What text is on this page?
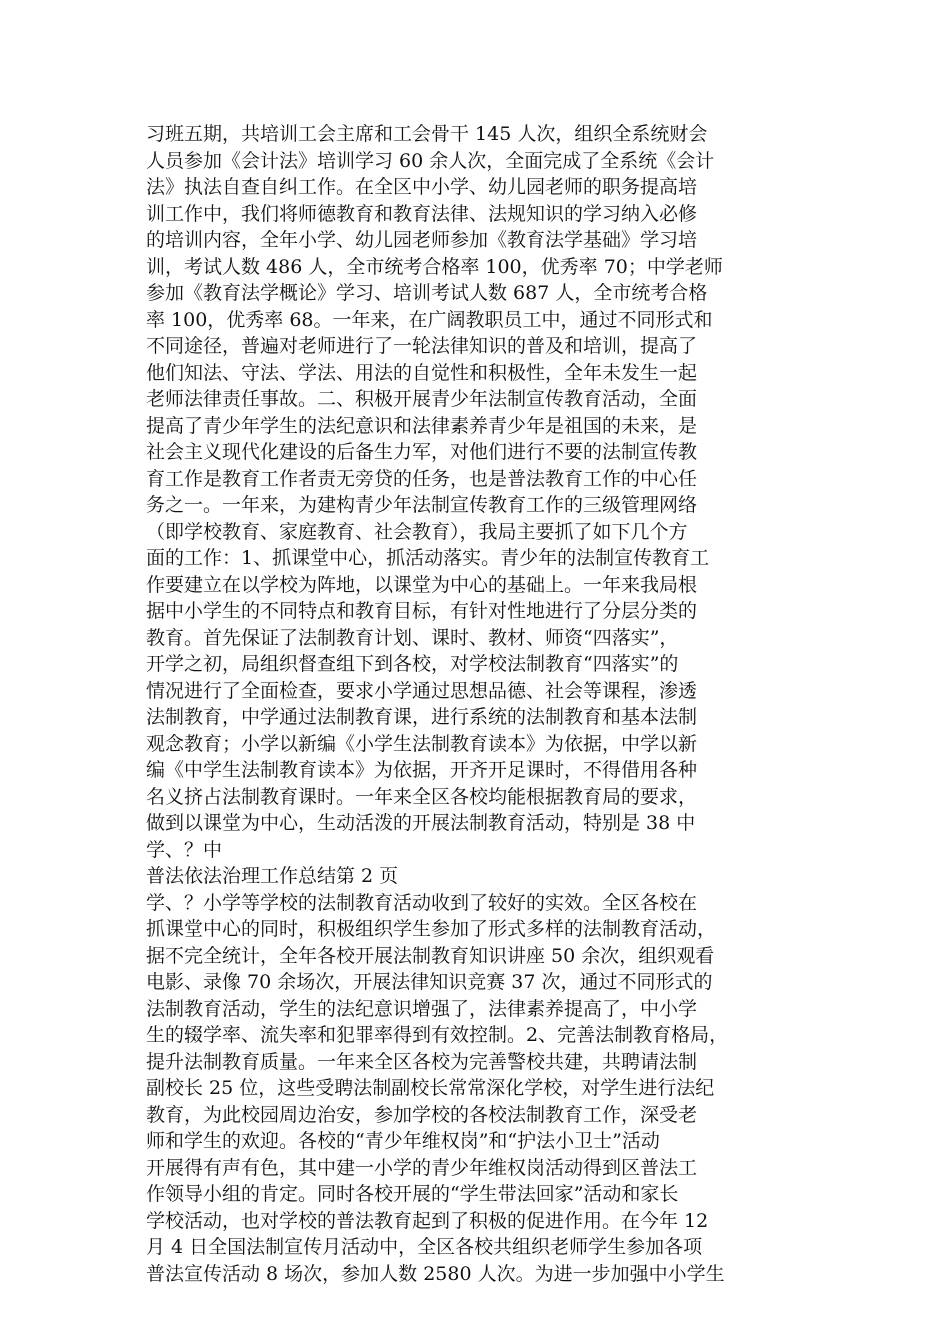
习班五期，共培训工会主席和工会骨干 145 人次，组织全系统财会
人员参加《会计法》培训学习 60 余人次，全面完成了全系统《会计
法》执法自查自纠工作。在全区中小学、幼儿园老师的职务提高培
训工作中，我们将师德教育和教育法律、法规知识的学习纳入必修
的培训内容，全年小学、幼儿园老师参加《教育法学基础》学习培
训，考试人数 486 人，全市统考合格率 100，优秀率 70；中学老师
参加《教育法学概论》学习、培训考试人数 687 人，全市统考合格
率 100，优秀率 68。一年来，在广阔教职员工中，通过不同形式和
不同途径，普遍对老师进行了一轮法律知识的普及和培训，提高了
他们知法、守法、学法、用法的自觉性和积极性，全年未发生一起
老师法律责任事故。二、积极开展青少年法制宣传教育活动，全面
提高了青少年学生的法纪意识和法律素养青少年是祖国的未来，是
社会主义现代化建设的后备生力军，对他们进行不要的法制宣传教
育工作是教育工作者责无旁贷的任务，也是普法教育工作的中心任
务之一。一年来，为建构青少年法制宣传教育工作的三级管理网络
（即学校教育、家庭教育、社会教育），我局主要抓了如下几个方
面的工作：1、抓课堂中心，抓活动落实。青少年的法制宣传教育工
作要建立在以学校为阵地，以课堂为中心的基础上。一年来我局根
据中小学生的不同特点和教育目标，有针对性地进行了分层分类的
教育。首先保证了法制教育计划、课时、教材、师资“四落实”，
开学之初，局组织督查组下到各校，对学校法制教育“四落实”的
情况进行了全面检查，要求小学通过思想品德、社会等课程，渗透
法制教育，中学通过法制教育课，进行系统的法制教育和基本法制
观念教育；小学以新编《小学生法制教育读本》为依据，中学以新
编《中学生法制教育读本》为依据，开齐开足课时，不得借用各种
名义挤占法制教育课时。一年来全区各校均能根据教育局的要求，
做到以课堂为中心，生动活泼的开展法制教育活动，特别是 38 中
学、？中
普法依法治理工作总结第 2 页
学、？小学等学校的法制教育活动收到了较好的实效。全区各校在
抓课堂中心的同时，积极组织学生参加了形式多样的法制教育活动，
据不完全统计，全年各校开展法制教育知识讲座 50 余次，组织观看
电影、录像 70 余场次，开展法律知识竞赛 37 次，通过不同形式的
法制教育活动，学生的法纪意识增强了，法律素养提高了，中小学
生的辍学率、流失率和犯罪率得到有效控制。2、完善法制教育格局，
提升法制教育质量。一年来全区各校为完善警校共建，共聘请法制
副校长 25 位，这些受聘法制副校长常常深化学校，对学生进行法纪
教育，为此校园周边治安，参加学校的各校法制教育工作，深受老
师和学生的欢迎。各校的“青少年维权岗”和“护法小卫士”活动
开展得有声有色，其中建一小学的青少年维权岗活动得到区普法工
作领导小组的肯定。同时各校开展的“学生带法回家”活动和家长
学校活动，也对学校的普法教育起到了积极的促进作用。在今年 12
月 4 日全国法制宣传月活动中，全区各校共组织老师学生参加各项
普法宣传活动 8 场次，参加人数 2580 人次。为进一步加强中小学生
